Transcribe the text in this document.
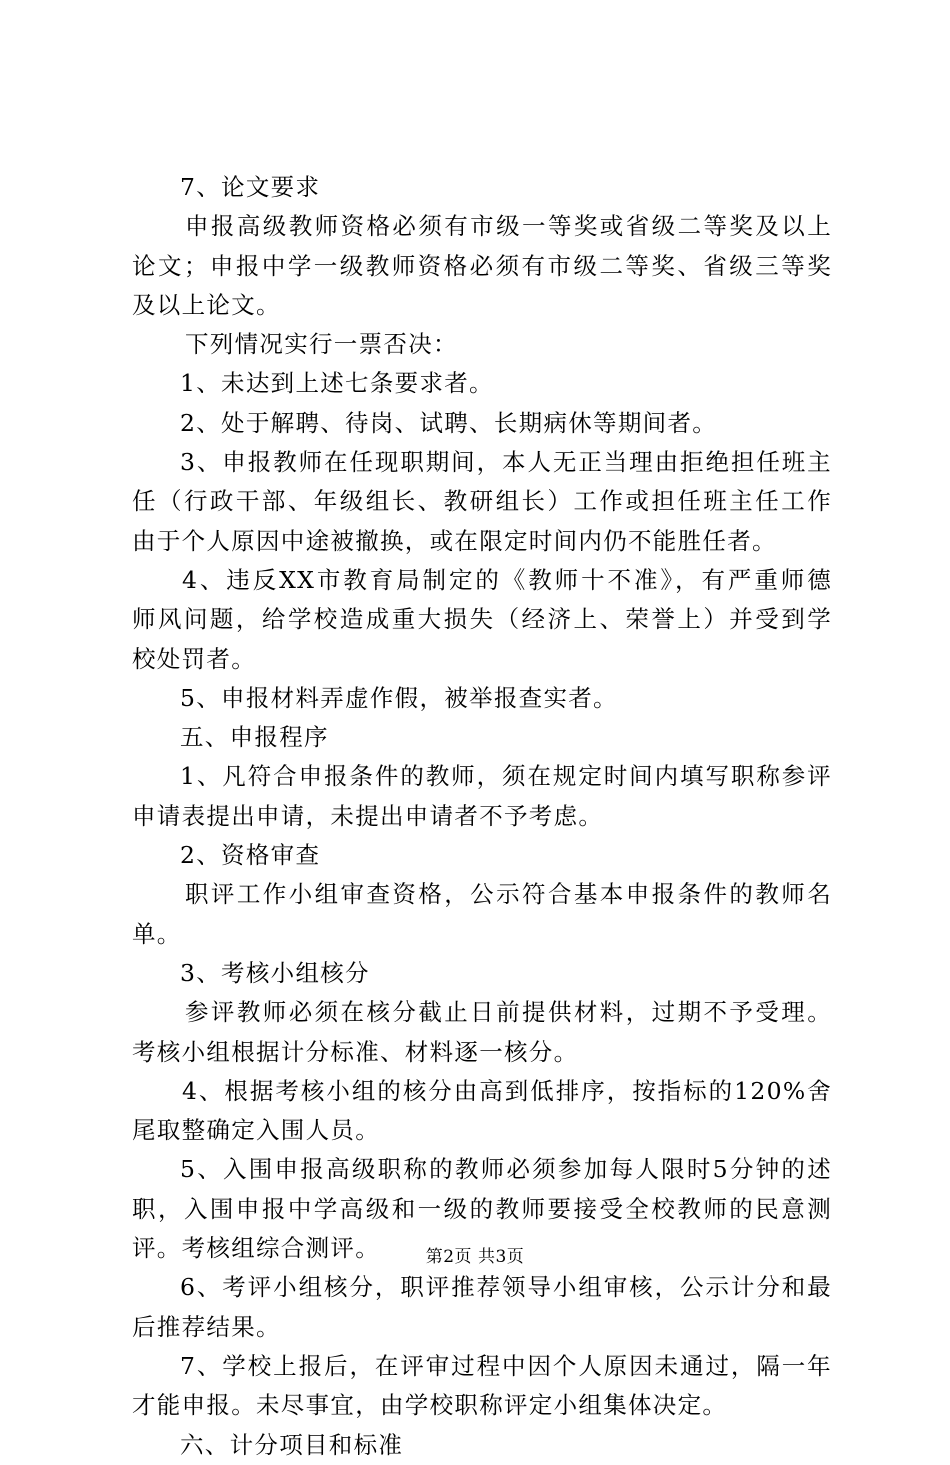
7、论文要求
申报高级教师资格必须有市级一等奖或省级二等奖及以上
论文；申报中学一级教师资格必须有市级二等奖、省级三等奖
及以上论文。
下列情况实行一票否决：
1、未达到上述七条要求者。
2、处于解聘、待岗、试聘、长期病休等期间者。
3、申报教师在任现职期间，本人无正当理由拒绝担任班主
任（行政干部、年级组长、教研组长）工作或担任班主任工作
由于个人原因中途被撤换，或在限定时间内仍不能胜任者。
4、违反XX市教育局制定的《教师十不准》，有严重师德
师风问题，给学校造成重大损失（经济上、荣誉上）并受到学
校处罚者。
5、申报材料弄虚作假，被举报查实者。
五、申报程序
1、凡符合申报条件的教师，须在规定时间内填写职称参评
申请表提出申请，未提出申请者不予考虑。
2、资格审查
职评工作小组审查资格，公示符合基本申报条件的教师名
单。
3、考核小组核分
参评教师必须在核分截止日前提供材料，过期不予受理。
考核小组根据计分标准、材料逐一核分。
4、根据考核小组的核分由高到低排序，按指标的120%舍
尾取整确定入围人员。
5、入围申报高级职称的教师必须参加每人限时5分钟的述
职，入围申报中学高级和一级的教师要接受全校教师的民意测
评。考核组综合测评。
6、考评小组核分，职评推荐领导小组审核，公示计分和最
后推荐结果。
7、学校上报后，在评审过程中因个人原因未通过，隔一年
才能申报。未尽事宜，由学校职称评定小组集体决定。
六、计分项目和标准
第2页 共3页
